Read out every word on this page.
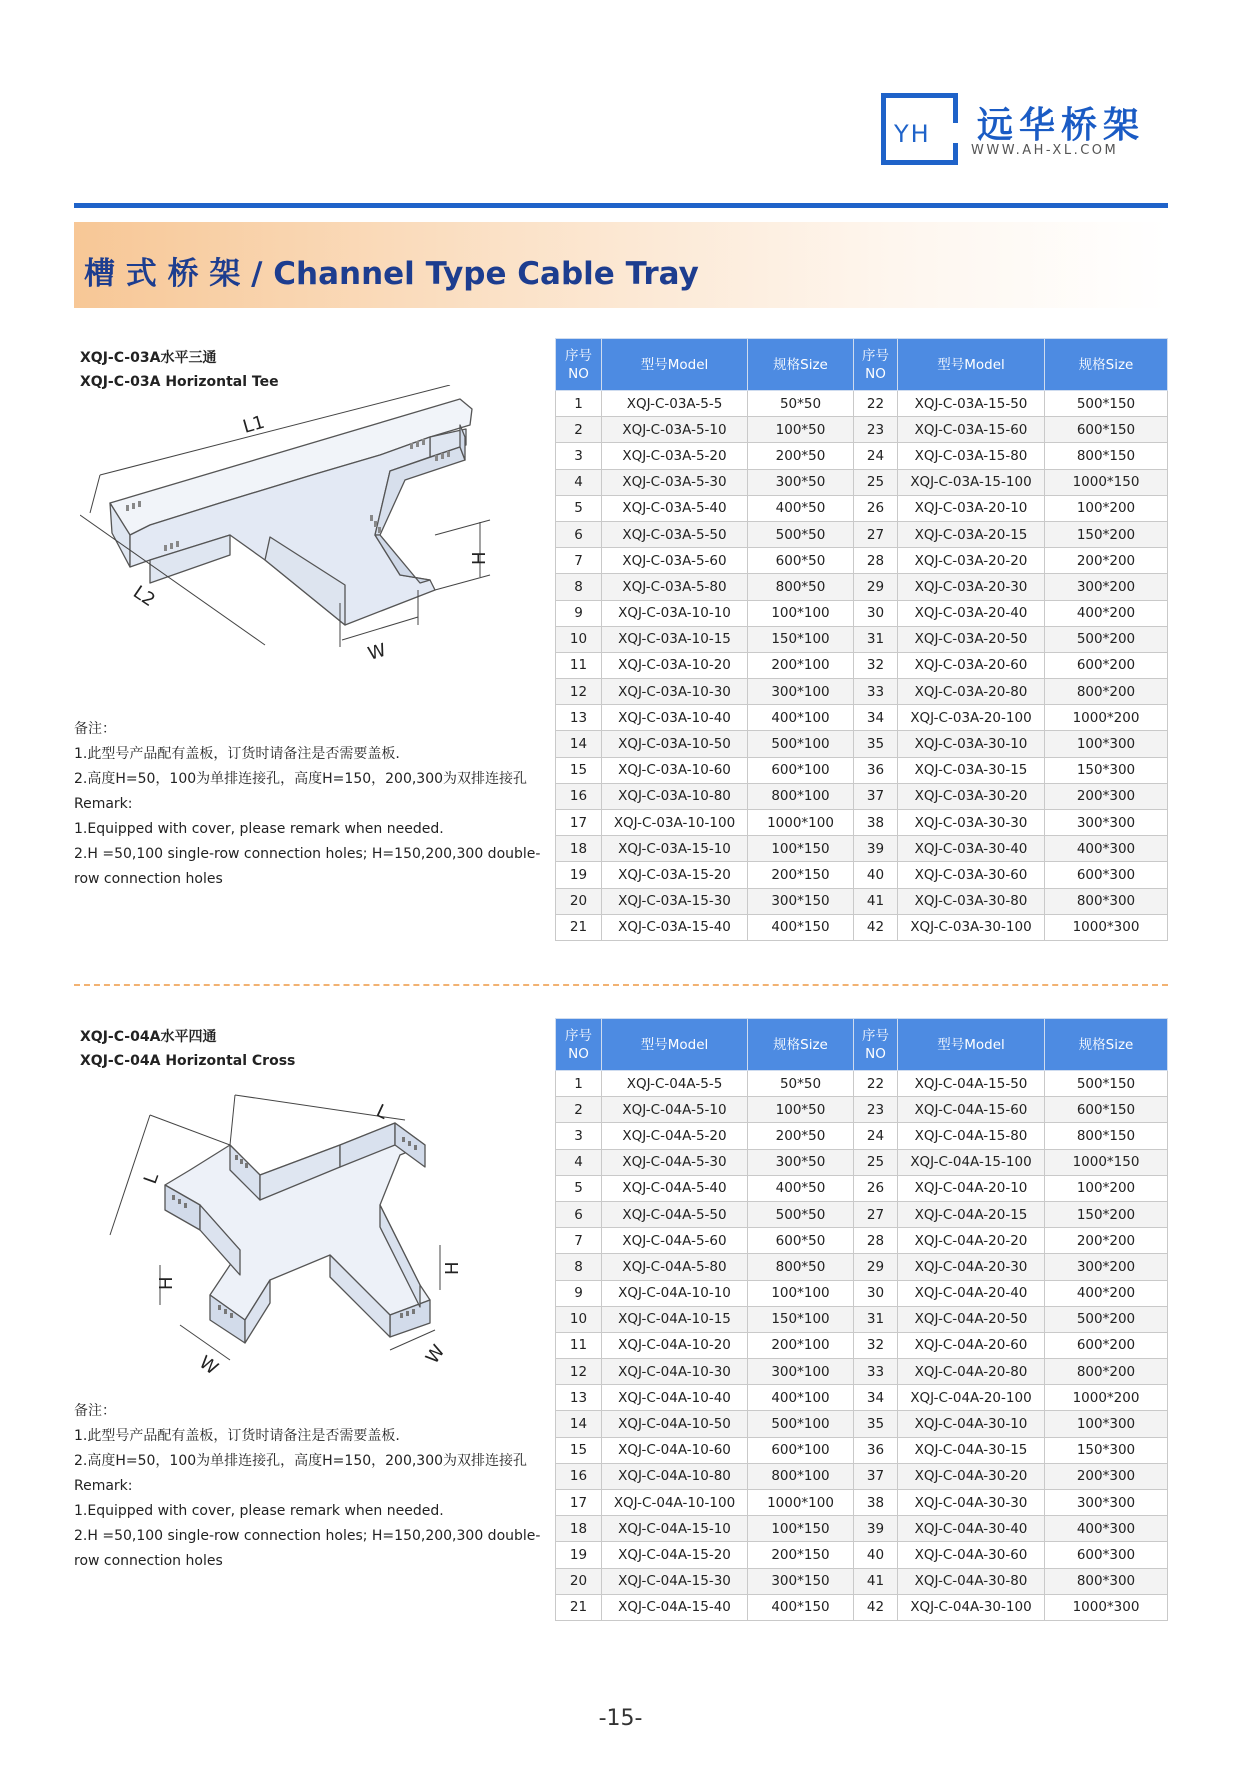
YH 远华桥架
WWW.AH-XL.COM
槽 式 桥 架 / Channel Type Cable Tray
XQJ-C-03A水平三通
XQJ-C-03A Horizontal Tee
L1
L2
H
W
备注：
1.此型号产品配有盖板，订货时请备注是否需要盖板.
2.高度H=50，100为单排连接孔，高度H=150，200,300为双排连接孔
Remark:
1.Equipped with cover, please remark when needed.
2.H =50,100 single-row connection holes; H=150,200,300 double-
row connection holes
序号
NO	型号Model	规格Size	序号
NO	型号Model	规格Size
1	XQJ-C-03A-5-5	50*50	22	XQJ-C-03A-15-50	500*150
2	XQJ-C-03A-5-10	100*50	23	XQJ-C-03A-15-60	600*150
3	XQJ-C-03A-5-20	200*50	24	XQJ-C-03A-15-80	800*150
4	XQJ-C-03A-5-30	300*50	25	XQJ-C-03A-15-100	1000*150
5	XQJ-C-03A-5-40	400*50	26	XQJ-C-03A-20-10	100*200
6	XQJ-C-03A-5-50	500*50	27	XQJ-C-03A-20-15	150*200
7	XQJ-C-03A-5-60	600*50	28	XQJ-C-03A-20-20	200*200
8	XQJ-C-03A-5-80	800*50	29	XQJ-C-03A-20-30	300*200
9	XQJ-C-03A-10-10	100*100	30	XQJ-C-03A-20-40	400*200
10	XQJ-C-03A-10-15	150*100	31	XQJ-C-03A-20-50	500*200
11	XQJ-C-03A-10-20	200*100	32	XQJ-C-03A-20-60	600*200
12	XQJ-C-03A-10-30	300*100	33	XQJ-C-03A-20-80	800*200
13	XQJ-C-03A-10-40	400*100	34	XQJ-C-03A-20-100	1000*200
14	XQJ-C-03A-10-50	500*100	35	XQJ-C-03A-30-10	100*300
15	XQJ-C-03A-10-60	600*100	36	XQJ-C-03A-30-15	150*300
16	XQJ-C-03A-10-80	800*100	37	XQJ-C-03A-30-20	200*300
17	XQJ-C-03A-10-100	1000*100	38	XQJ-C-03A-30-30	300*300
18	XQJ-C-03A-15-10	100*150	39	XQJ-C-03A-30-40	400*300
19	XQJ-C-03A-15-20	200*150	40	XQJ-C-03A-30-60	600*300
20	XQJ-C-03A-15-30	300*150	41	XQJ-C-03A-30-80	800*300
21	XQJ-C-03A-15-40	400*150	42	XQJ-C-03A-30-100	1000*300
XQJ-C-04A水平四通
XQJ-C-04A Horizontal Cross
L
L
H
H
W	W
备注：
1.此型号产品配有盖板，订货时请备注是否需要盖板.
2.高度H=50，100为单排连接孔，高度H=150，200,300为双排连接孔
Remark:
1.Equipped with cover, please remark when needed.
2.H =50,100 single-row connection holes; H=150,200,300 double-
row connection holes
序号
NO	型号Model	规格Size	序号
NO	型号Model	规格Size
1	XQJ-C-04A-5-5	50*50	22	XQJ-C-04A-15-50	500*150
2	XQJ-C-04A-5-10	100*50	23	XQJ-C-04A-15-60	600*150
3	XQJ-C-04A-5-20	200*50	24	XQJ-C-04A-15-80	800*150
4	XQJ-C-04A-5-30	300*50	25	XQJ-C-04A-15-100	1000*150
5	XQJ-C-04A-5-40	400*50	26	XQJ-C-04A-20-10	100*200
6	XQJ-C-04A-5-50	500*50	27	XQJ-C-04A-20-15	150*200
7	XQJ-C-04A-5-60	600*50	28	XQJ-C-04A-20-20	200*200
8	XQJ-C-04A-5-80	800*50	29	XQJ-C-04A-20-30	300*200
9	XQJ-C-04A-10-10	100*100	30	XQJ-C-04A-20-40	400*200
10	XQJ-C-04A-10-15	150*100	31	XQJ-C-04A-20-50	500*200
11	XQJ-C-04A-10-20	200*100	32	XQJ-C-04A-20-60	600*200
12	XQJ-C-04A-10-30	300*100	33	XQJ-C-04A-20-80	800*200
13	XQJ-C-04A-10-40	400*100	34	XQJ-C-04A-20-100	1000*200
14	XQJ-C-04A-10-50	500*100	35	XQJ-C-04A-30-10	100*300
15	XQJ-C-04A-10-60	600*100	36	XQJ-C-04A-30-15	150*300
16	XQJ-C-04A-10-80	800*100	37	XQJ-C-04A-30-20	200*300
17	XQJ-C-04A-10-100	1000*100	38	XQJ-C-04A-30-30	300*300
18	XQJ-C-04A-15-10	100*150	39	XQJ-C-04A-30-40	400*300
19	XQJ-C-04A-15-20	200*150	40	XQJ-C-04A-30-60	600*300
20	XQJ-C-04A-15-30	300*150	41	XQJ-C-04A-30-80	800*300
21	XQJ-C-04A-15-40	400*150	42	XQJ-C-04A-30-100	1000*300
-15-
